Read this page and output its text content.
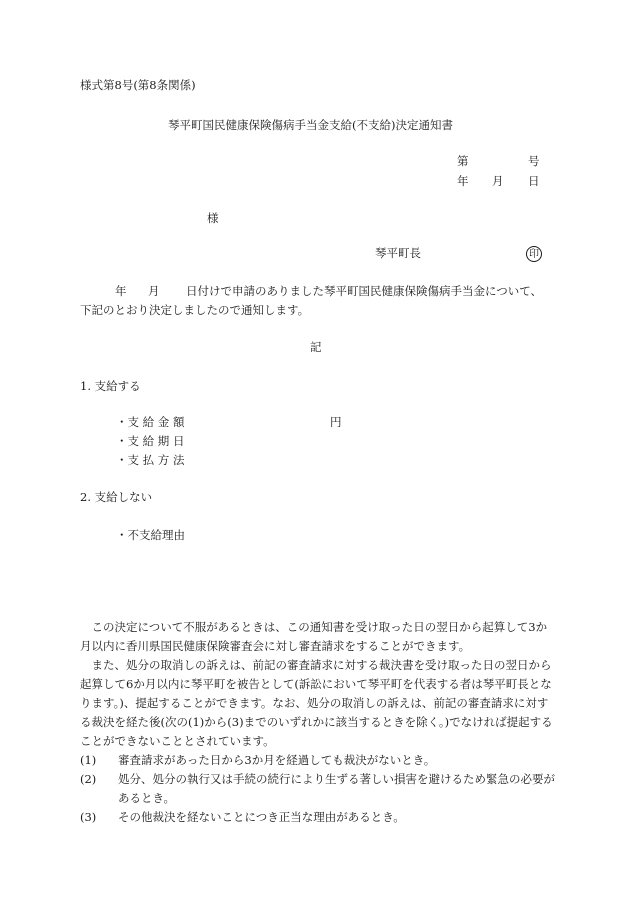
様式第8号(第8条関係)
琴平町国民健康保険傷病手当金支給(不支給)決定通知書
第	号
年 月 日
様
琴平町長	印
年 月 日付けで申請のありました琴平町国民健康保険傷病手当金について、
下記のとおり決定しましたので通知します。
記
1. 支給する
・支 給 金 額	円
・支 給 期 日
・支 払 方 法
2. 支給しない
・不支給理由
この決定について不服があるときは、この通知書を受け取った日の翌日から起算して3か月以内に香川県国民健康保険審査会に対し審査請求をすることができます。
また、処分の取消しの訴えは、前記の審査請求に対する裁決書を受け取った日の翌日から起算して6か月以内に琴平町を被告として(訴訟において琴平町を代表する者は琴平町長となります。)、提起することができます。なお、処分の取消しの訴えは、前記の審査請求に対する裁決を経た後(次の(1)から(3)までのいずれかに該当するときを除く。)でなければ提起することができないこととされています。
(1)	審査請求があった日から3か月を経過しても裁決がないとき。
(2)	処分、処分の執行又は手続の続行により生ずる著しい損害を避けるため緊急の必要があるとき。
(3)	その他裁決を経ないことにつき正当な理由があるとき。
